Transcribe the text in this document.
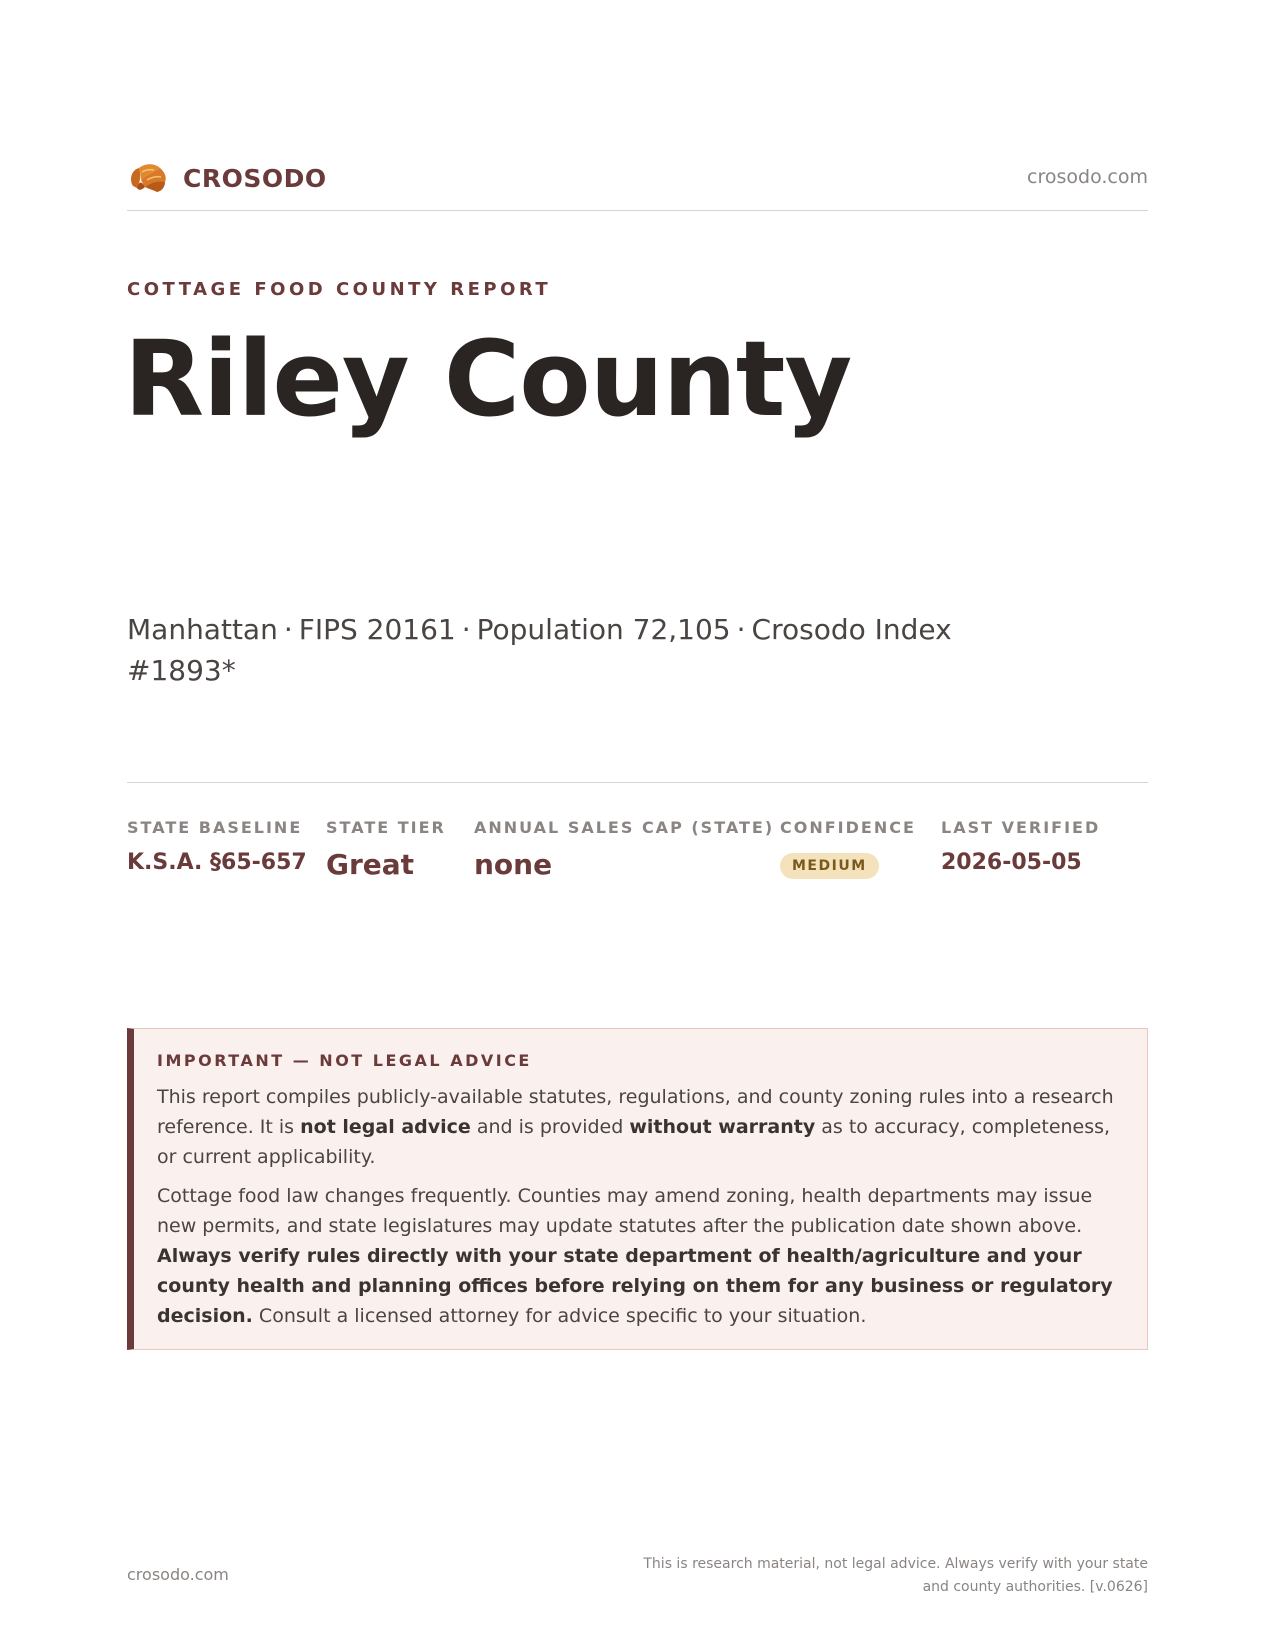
CROSODO	crosodo.com
COTTAGE FOOD COUNTY REPORT
Riley County
Manhattan · FIPS 20161 · Population 72,105 · Crosodo Index #1893*
STATE BASELINE
K.S.A. §65-657
STATE TIER
Great
ANNUAL SALES CAP (STATE)
none
CONFIDENCE
MEDIUM
LAST VERIFIED
2026-05-05
IMPORTANT — NOT LEGAL ADVICE

This report compiles publicly-available statutes, regulations, and county zoning rules into a research reference. It is not legal advice and is provided without warranty as to accuracy, completeness, or current applicability.

Cottage food law changes frequently. Counties may amend zoning, health departments may issue new permits, and state legislatures may update statutes after the publication date shown above. Always verify rules directly with your state department of health/agriculture and your county health and planning offices before relying on them for any business or regulatory decision. Consult a licensed attorney for advice specific to your situation.

crosodo.com
This is research material, not legal advice. Always verify with your state
and county authorities. [v.0626]
